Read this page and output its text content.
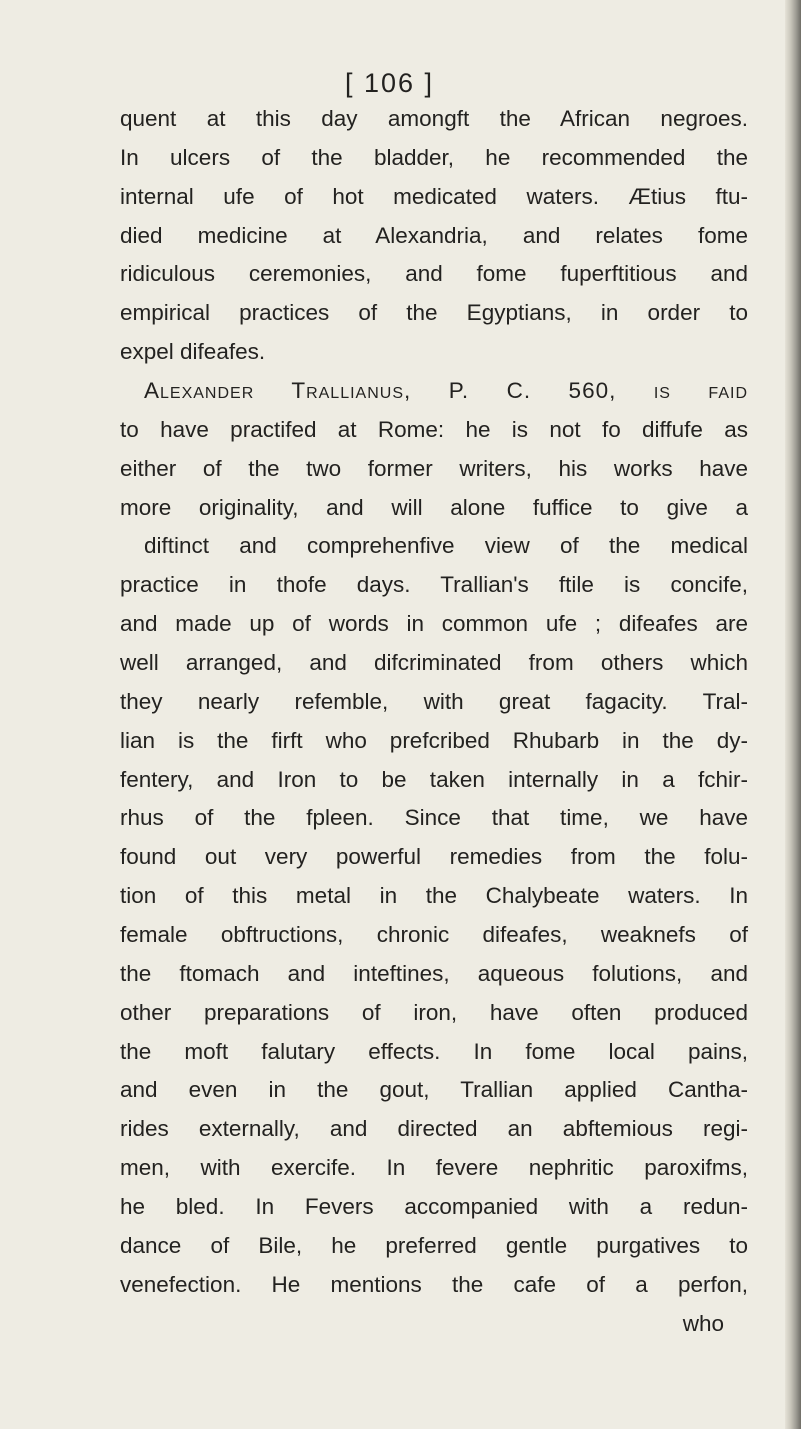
[ 106 ]
quent at this day amongft the African negroes.
In ulcers of the bladder, he recommended the
internal ufe of hot medicated waters. Ætius ftu-
died medicine at Alexandria, and relates fome
ridiculous ceremonies, and fome fuperftitious and
empirical practices of the Egyptians, in order to
expel difeafes.
Alexander Trallianus, P. C. 560, is faid
to have practifed at Rome: he is not fo diffufe as
either of the two former writers, his works have
more originality, and will alone fuffice to give a
diftinct and comprehenfive view of the medical
practice in thofe days. Trallian's ftile is concife,
and made up of words in common ufe ; difeafes are
well arranged, and difcriminated from others which
they nearly refemble, with great fagacity. Tral-
lian is the firft who prefcribed Rhubarb in the dy-
fentery, and Iron to be taken internally in a fchir-
rhus of the fpleen. Since that time, we have
found out very powerful remedies from the folu-
tion of this metal in the Chalybeate waters. In
female obftructions, chronic difeafes, weaknefs of
the ftomach and inteftines, aqueous folutions, and
other preparations of iron, have often produced
the moft falutary effects. In fome local pains,
and even in the gout, Trallian applied Cantha-
rides externally, and directed an abftemious regi-
men, with exercife. In fevere nephritic paroxifms,
he bled. In Fevers accompanied with a redun-
dance of Bile, he preferred gentle purgatives to
venefection. He mentions the cafe of a perfon,
who
